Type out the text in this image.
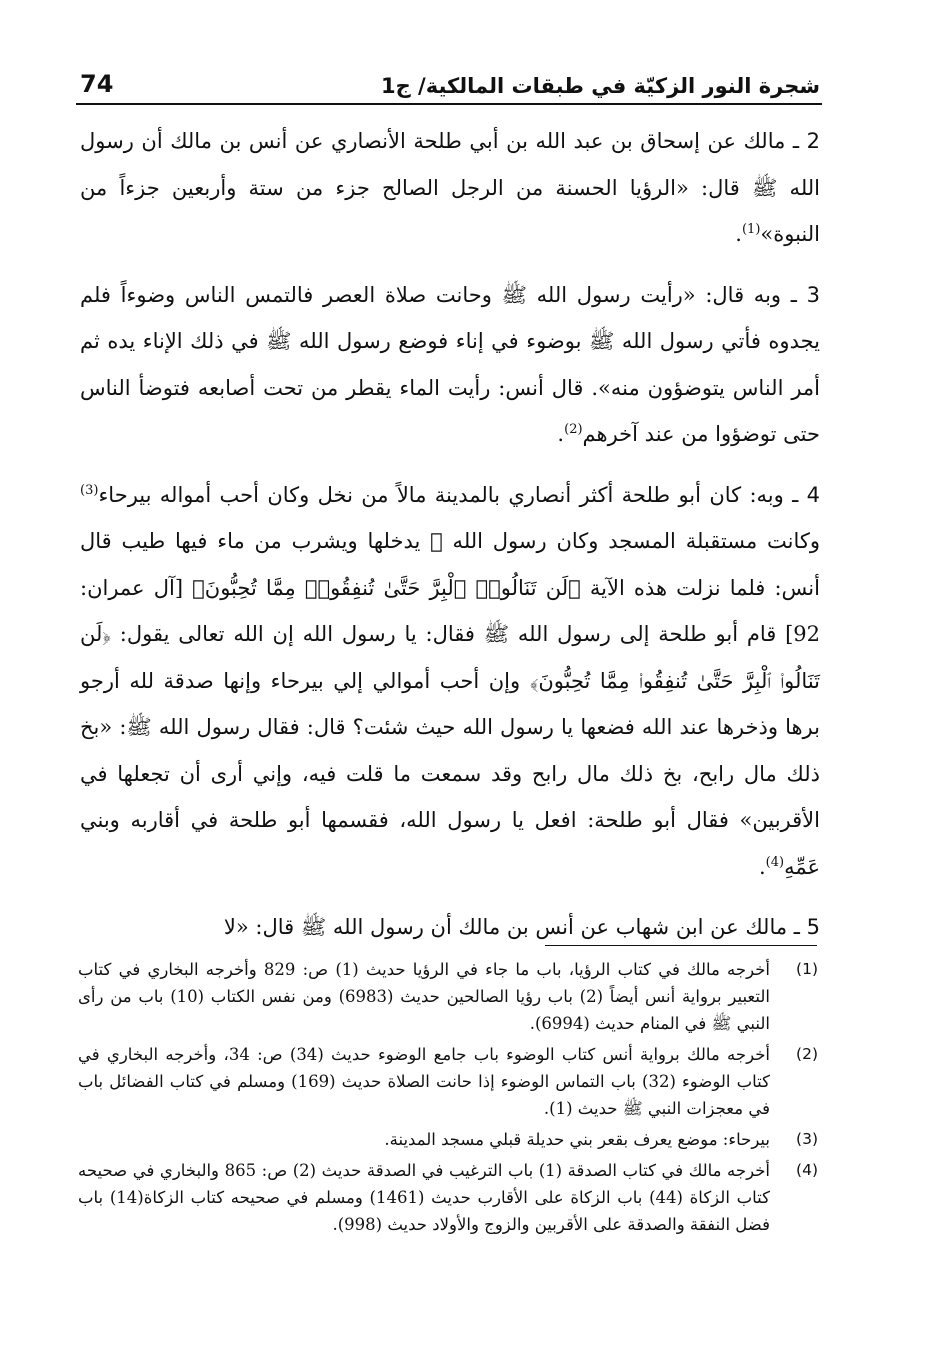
شجرة النور الزكيّة في طبقات المالكية/ ج1
74

2 ـ مالك عن إسحاق بن عبد الله بن أبي طلحة الأنصاري عن أنس بن مالك أن رسول الله ﷺ قال: «الرؤيا الحسنة من الرجل الصالح جزء من ستة وأربعين جزءاً من النبوة»$^{(1)}$.

3 ـ وبه قال: «رأيت رسول الله ﷺ وحانت صلاة العصر فالتمس الناس وضوءاً فلم يجدوه فأتي رسول الله ﷺ بوضوء في إناء فوضع رسول الله ﷺ في ذلك الإناء يده ثم أمر الناس يتوضؤون منه». قال أنس: رأيت الماء يقطر من تحت أصابعه فتوضأ الناس حتى توضؤوا من عند آخرهم$^{(2)}$.

4 ـ وبه: كان أبو طلحة أكثر أنصاري بالمدينة مالاً من نخل وكان أحب أمواله بيرحاء$^{(3)}$ وكانت مستقبلة المسجد وكان رسول الله ﷺ يدخلها ويشرب من ماء فيها طيب قال أنس: فلما نزلت هذه الآية ﴿لَن تَنَالُوا۟ ٱلْبِرَّ حَتَّىٰ تُنفِقُوا۟ مِمَّا تُحِبُّونَ﴾ [آل عمران: 92] قام أبو طلحة إلى رسول الله ﷺ فقال: يا رسول الله إن الله تعالى يقول: ﴿لَن تَنَالُوا۟ ٱلْبِرَّ حَتَّىٰ تُنفِقُوا۟ مِمَّا تُحِبُّونَ﴾ وإن أحب أموالي إلي بيرحاء وإنها صدقة لله أرجو برها وذخرها عند الله فضعها يا رسول الله حيث شئت؟ قال: فقال رسول الله ﷺ: «بخ ذلك مال رابح، بخ ذلك مال رابح وقد سمعت ما قلت فيه، وإني أرى أن تجعلها في الأقربين» فقال أبو طلحة: افعل يا رسول الله، فقسمها أبو طلحة في أقاربه وبني عَمِّهِ$^{(4)}$.

5 ـ مالك عن ابن شهاب عن أنس بن مالك أن رسول الله ﷺ قال: «لا

(1)
أخرجه مالك في كتاب الرؤيا، باب ما جاء في الرؤيا حديث (1) ص: 829 وأخرجه البخاري في كتاب التعبير برواية أنس أيضاً (2) باب رؤيا الصالحين حديث (6983) ومن نفس الكتاب (10) باب من رأى النبي ﷺ في المنام حديث (6994).
(2)
أخرجه مالك برواية أنس كتاب الوضوء باب جامع الوضوء حديث (34) ص: 34، وأخرجه البخاري في كتاب الوضوء (32) باب التماس الوضوء إذا حانت الصلاة حديث (169) ومسلم في كتاب الفضائل باب في معجزات النبي ﷺ حديث (1).
(3)
بيرحاء: موضع يعرف بقعر بني حديلة قبلي مسجد المدينة.
(4)
أخرجه مالك في كتاب الصدقة (1) باب الترغيب في الصدقة حديث (2) ص: 865 والبخاري في صحيحه كتاب الزكاة (44) باب الزكاة على الأقارب حديث (1461) ومسلم في صحيحه كتاب الزكاة(14) باب فضل النفقة والصدقة على الأقربين والزوج والأولاد حديث (998).
